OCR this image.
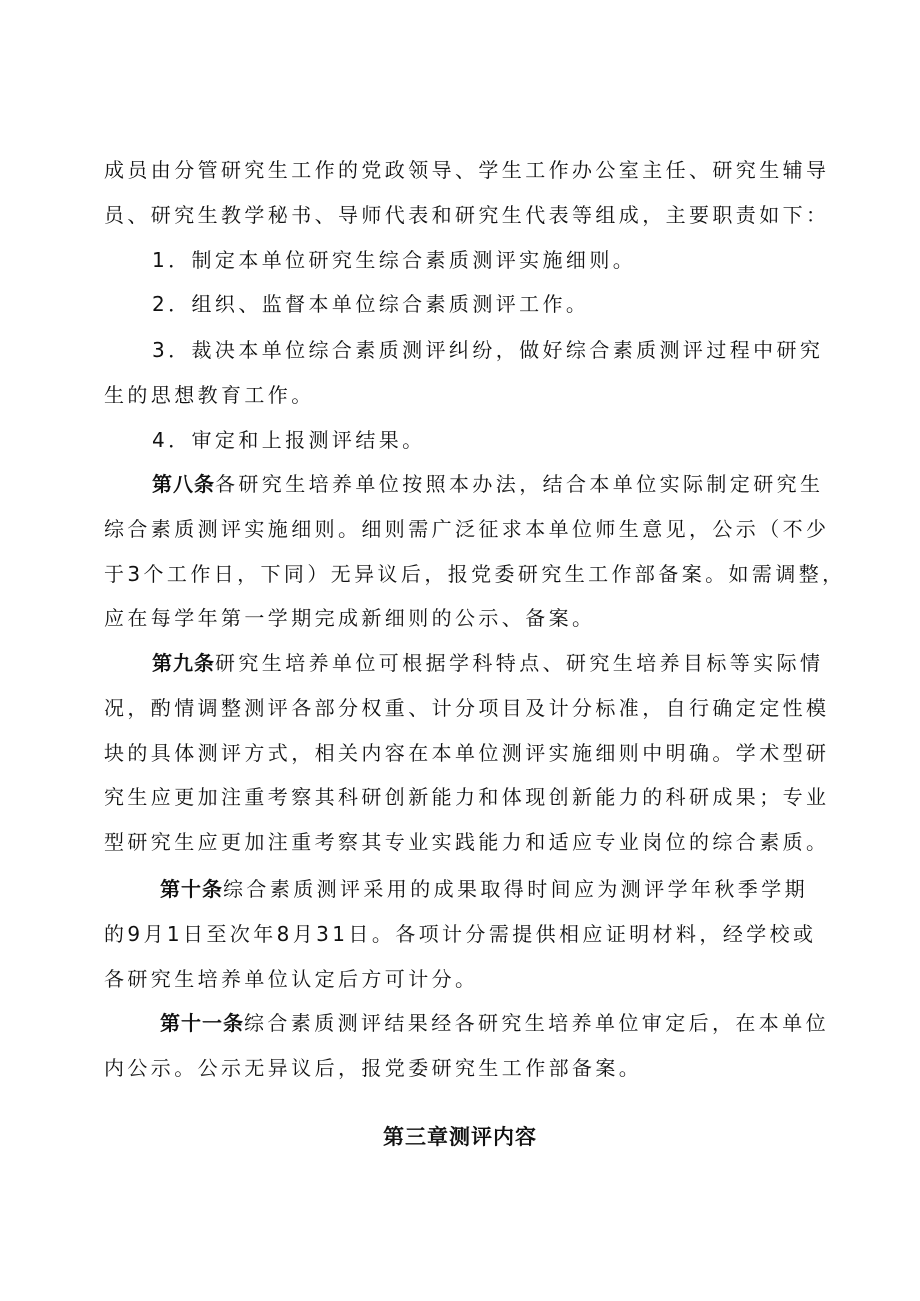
成员由分管研究生工作的党政领导、学生工作办公室主任、研究生辅导
员、研究生教学秘书、导师代表和研究生代表等组成，主要职责如下：
1．制定本单位研究生综合素质测评实施细则。
2．组织、监督本单位综合素质测评工作。
3．裁决本单位综合素质测评纠纷，做好综合素质测评过程中研究
生的思想教育工作。
4．审定和上报测评结果。
第八条各研究生培养单位按照本办法，结合本单位实际制定研究生
综合素质测评实施细则。细则需广泛征求本单位师生意见，公示（不少
于3个工作日，下同）无异议后，报党委研究生工作部备案。如需调整，
应在每学年第一学期完成新细则的公示、备案。
第九条研究生培养单位可根据学科特点、研究生培养目标等实际情
况，酌情调整测评各部分权重、计分项目及计分标准，自行确定定性模
块的具体测评方式，相关内容在本单位测评实施细则中明确。学术型研
究生应更加注重考察其科研创新能力和体现创新能力的科研成果；专业
型研究生应更加注重考察其专业实践能力和适应专业岗位的综合素质。
第十条综合素质测评采用的成果取得时间应为测评学年秋季学期
的9月1日至次年8月31日。各项计分需提供相应证明材料，经学校或
各研究生培养单位认定后方可计分。
第十一条综合素质测评结果经各研究生培养单位审定后，在本单位
内公示。公示无异议后，报党委研究生工作部备案。
第三章测评内容
